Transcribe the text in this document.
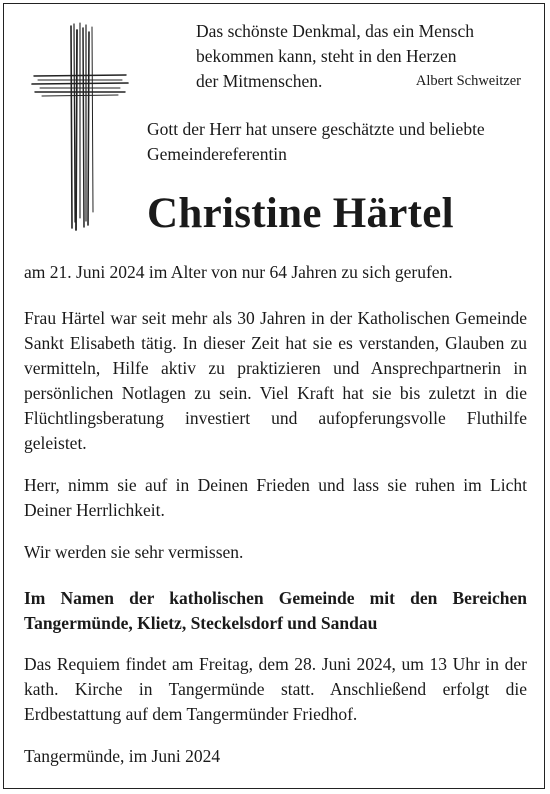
Das schönste Denkmal, das ein Mensch
bekommen kann, steht in den Herzen
der Mitmenschen.	Albert Schweitzer
Gott der Herr hat unsere geschätzte und beliebte
Gemeindereferentin
Christine Härtel
am 21. Juni 2024 im Alter von nur 64 Jahren zu sich gerufen.
Frau Härtel war seit mehr als 30 Jahren in der Katholischen Gemeinde Sankt Elisabeth tätig. In dieser Zeit hat sie es verstanden, Glauben zu vermitteln, Hilfe aktiv zu praktizieren und Ansprechpartnerin in persönlichen Notlagen zu sein. Viel Kraft hat sie bis zuletzt in die Flüchtlingsberatung investiert und aufopferungsvolle Fluthilfe geleistet.
Herr, nimm sie auf in Deinen Frieden und lass sie ruhen im Licht Deiner Herrlichkeit.
Wir werden sie sehr vermissen.
Im Namen der katholischen Gemeinde mit den Bereichen Tangermünde, Klietz, Steckelsdorf und Sandau
Das Requiem findet am Freitag, dem 28. Juni 2024, um 13 Uhr in der kath. Kirche in Tangermünde statt. Anschließend erfolgt die Erdbestattung auf dem Tangermünder Friedhof.
Tangermünde, im Juni 2024
